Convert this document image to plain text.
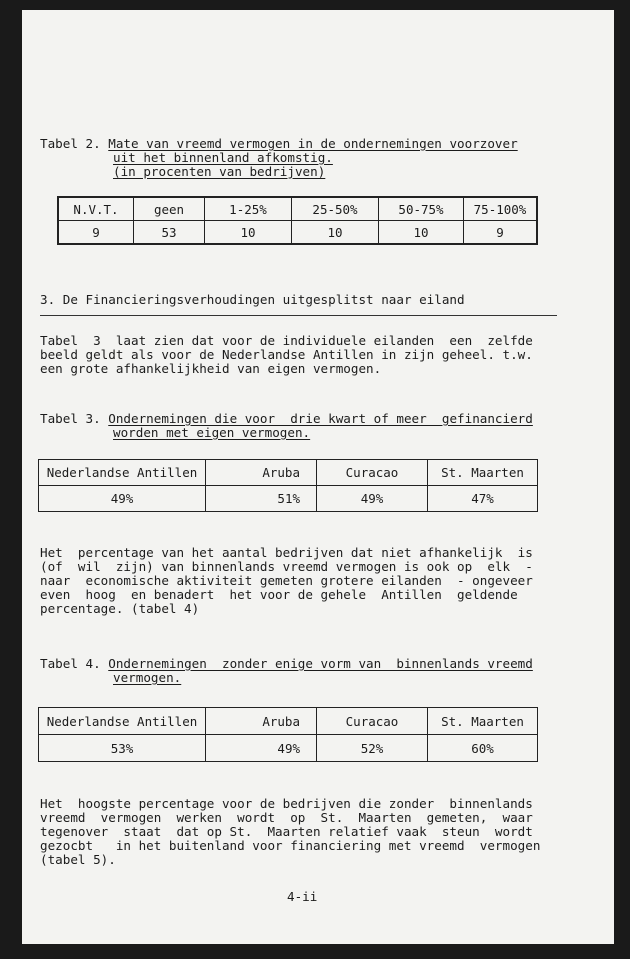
Tabel 2. Mate van vreemd vermogen in de ondernemingen voorzover
uit het binnenland afkomstig.
(in procenten van bedrijven)
N.V.T.	geen	1-25%	25-50%	50-75%	75-100%
9	53	10	10	10	9
3. De Financieringsverhoudingen uitgesplitst naar eiland
Tabel  3  laat zien dat voor de individuele eilanden  een  zelfde
beeld geldt als voor de Nederlandse Antillen in zijn geheel. t.w.
een grote afhankelijkheid van eigen vermogen.
Tabel 3. Ondernemingen die voor  drie kwart of meer  gefinancierd
worden met eigen vermogen.
Nederlandse Antillen	Aruba	Curacao	St. Maarten
49%	51%	49%	47%
Het  percentage van het aantal bedrijven dat niet afhankelijk  is
(of  wil  zijn) van binnenlands vreemd vermogen is ook op  elk  -
naar  economische aktiviteit gemeten grotere eilanden  - ongeveer
even  hoog  en benadert  het voor de gehele  Antillen  geldende
percentage. (tabel 4)
Tabel 4. Ondernemingen  zonder enige vorm van  binnenlands vreemd
vermogen.
Nederlandse Antillen	Aruba	Curacao	St. Maarten
53%	49%	52%	60%
Het  hoogste percentage voor de bedrijven die zonder  binnenlands
vreemd  vermogen  werken  wordt  op  St.  Maarten  gemeten,  waar
tegenover  staat  dat op St.  Maarten relatief vaak  steun  wordt
gezocbt   in het buitenland voor financiering met vreemd  vermogen
(tabel 5).
4-ii
